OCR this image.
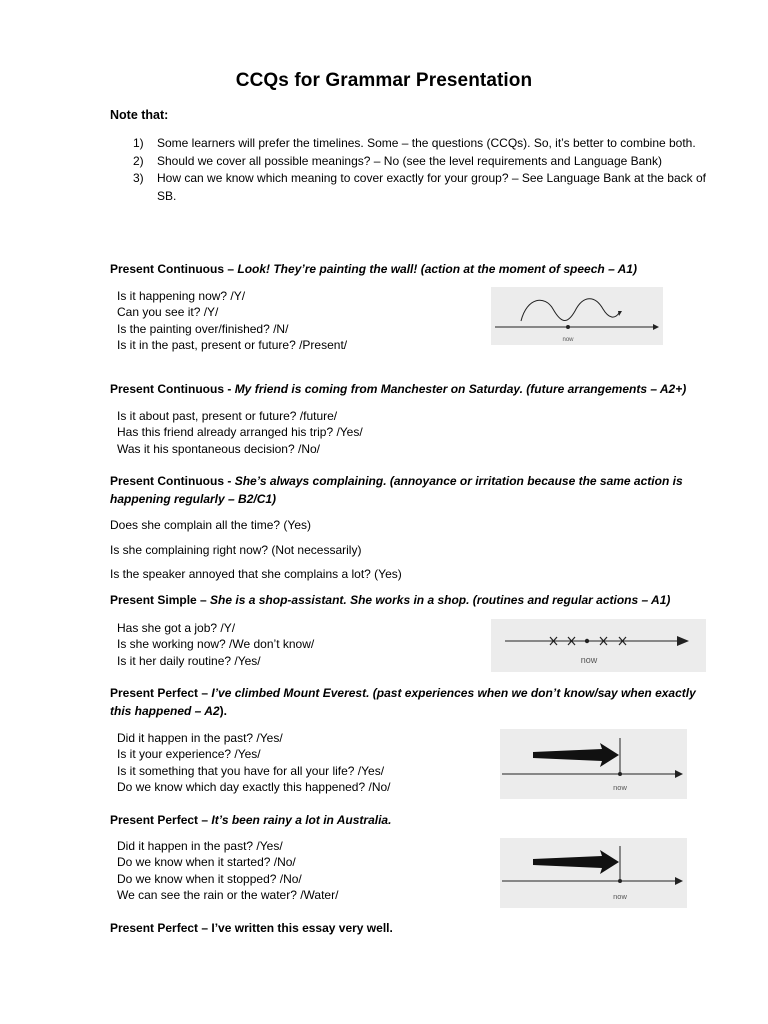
CCQs for Grammar Presentation
Note that:
1) Some learners will prefer the timelines. Some – the questions (CCQs). So, it’s better to combine both.
2) Should we cover all possible meanings? – No (see the level requirements and Language Bank)
3) How can we know which meaning to cover exactly for your group? – See Language Bank at the back of SB.
Present Continuous – Look! They’re painting the wall! (action at the moment of speech – A1)
Is it happening now? /Y/
Can you see it? /Y/
Is the painting over/finished? /N/
Is it in the past, present or future? /Present/	now
Present Continuous - My friend is coming from Manchester on Saturday. (future arrangements – A2+)
Is it about past, present or future? /future/
Has this friend already arranged his trip? /Yes/
Was it his spontaneous decision? /No/
Present Continuous - She’s always complaining. (annoyance or irritation because the same action is happening regularly – B2/C1)
Does she complain all the time? (Yes)
Is she complaining right now? (Not necessarily)
Is the speaker annoyed that she complains a lot? (Yes)
Present Simple – She is a shop-assistant. She works in a shop. (routines and regular actions – A1)
Has she got a job? /Y/
Is she working now? /We don’t know/
Is it her daily routine? /Yes/	now
Present Perfect – I’ve climbed Mount Everest. (past experiences when we don’t know/say when exactly this happened – A2).
Did it happen in the past? /Yes/
Is it your experience? /Yes/
Is it something that you have for all your life? /Yes/
Do we know which day exactly this happened? /No/	now
Present Perfect – It’s been rainy a lot in Australia.
Did it happen in the past? /Yes/
Do we know when it started? /No/
Do we know when it stopped? /No/
We can see the rain or the water? /Water/	now
Present Perfect – I’ve written this essay very well.
